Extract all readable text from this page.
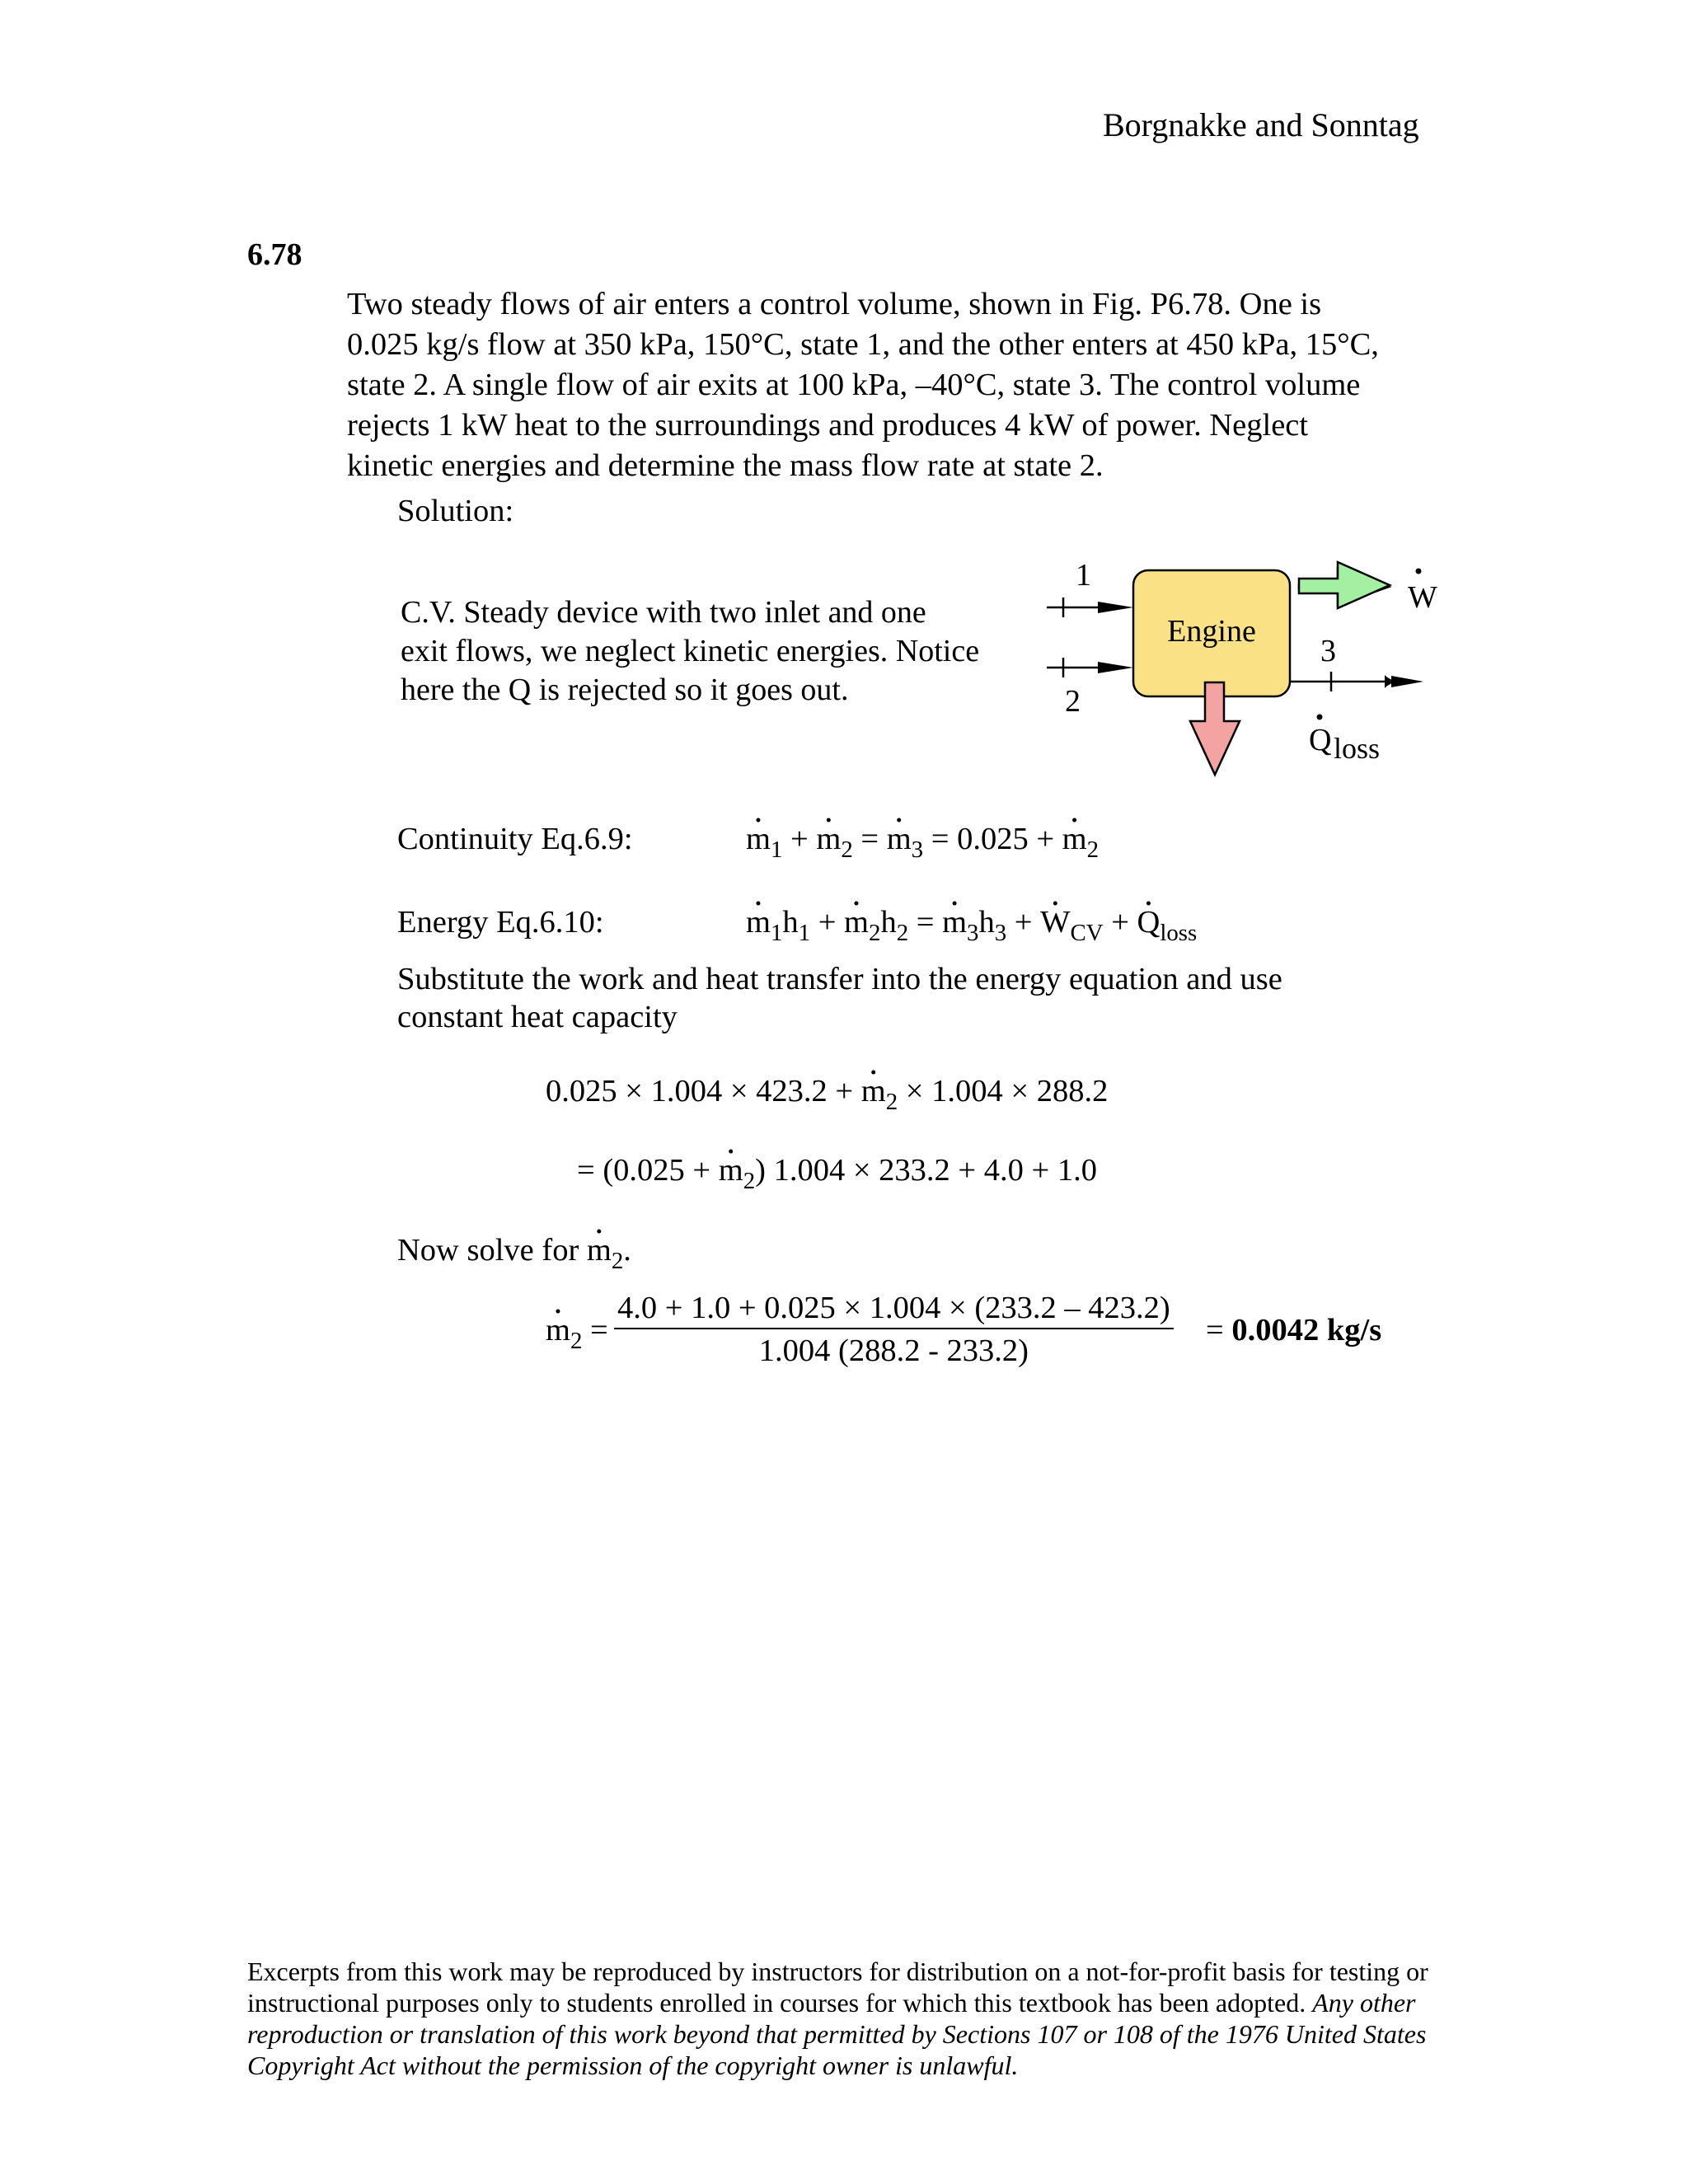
Borgnakke and Sonntag
6.78

Two steady flows of air enters a control volume, shown in Fig. P6.78. One is

0.025 kg/s flow at 350 kPa, 150°C, state 1, and the other enters at 450 kPa, 15°C,

state 2. A single flow of air exits at 100 kPa, –40°C, state 3. The control volume

rejects 1 kW heat to the surroundings and produces 4 kW of power. Neglect

kinetic energies and determine the mass flow rate at state 2.

Solution:
C.V. Steady device with two inlet and one
exit flows, we neglect kinetic energies. Notice
here the Q is rejected so it goes out.
1
2
Engine
W
3
Q loss
Continuity Eq.6.9:	• $m_1$ + • $m_2$ = • $m_3 = 0.025$ + • $m_2$
Energy Eq.6.10:	• $m_1h_1$ + • $m_2h_2$ = • $m_3h_3$ + • $W_{CV}$ + • $Q_{loss}$
Substitute the work and heat transfer into the energy equation and use
constant heat capacity
0.025 × 1.004 × 423.2 + • $m_2 \times 1.004 \times 288.2$
= (0.025 + • $m_2$) 1.004 × 233.2 + 4.0 + 1.0
Now solve for • $m_2$.
• $m_2 = \frac{4.0 + 1.0 + 0.025 \times 1.004 \times (233.2 - 423.2)}{1.004 (288.2 - 233.2)} = 0.0042$ kg/s
Excerpts from this work may be reproduced by instructors for distribution on a not-for-profit basis for testing or instructional purposes only to students enrolled in courses for which this textbook has been adopted. Any other reproduction or translation of this work beyond that permitted by Sections 107 or 108 of the 1976 United States Copyright Act without the permission of the copyright owner is unlawful.
